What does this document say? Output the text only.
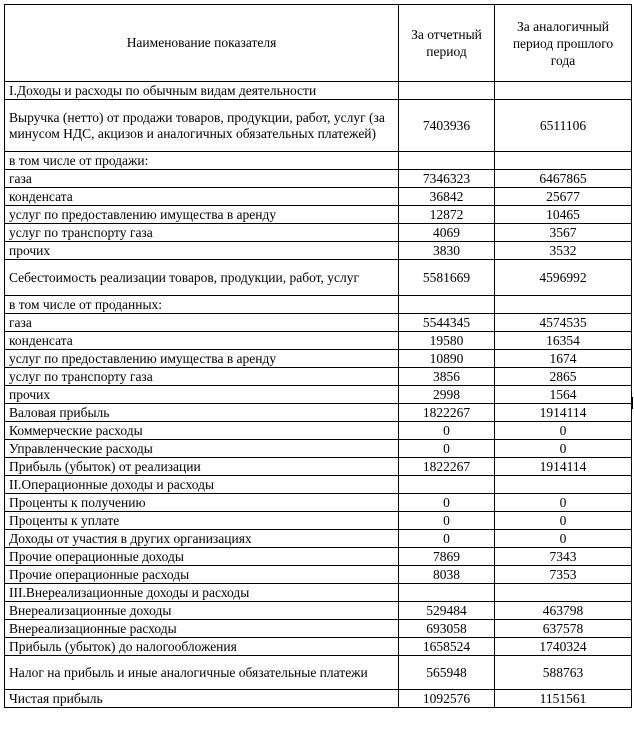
Наименование показателя	За отчетный период	За аналогичный период прошлого года
I.Доходы и расходы по обычным видам деятельности		
Выручка (нетто) от продажи товаров, продукции, работ, услуг (за минусом НДС, акцизов и аналогичных обязательных платежей)	7403936	6511106
в том числе от продажи:		
газа	7346323	6467865
конденсата	36842	25677
услуг по предоставлению имущества в аренду	12872	10465
услуг по транспорту газа	4069	3567
прочих	3830	3532
Себестоимость реализации товаров, продукции, работ, услуг	5581669	4596992
в том числе от проданных:		
газа	5544345	4574535
конденсата	19580	16354
услуг по предоставлению имущества в аренду	10890	1674
услуг по транспорту газа	3856	2865
прочих	2998	1564
Валовая прибыль	1822267	1914114
Коммерческие расходы	0	0
Управленческие расходы	0	0
Прибыль (убыток) от реализации	1822267	1914114
II.Операционные доходы и расходы		
Проценты к получению	0	0
Проценты к уплате	0	0
Доходы от участия в других организациях	0	0
Прочие операционные доходы	7869	7343
Прочие операционные расходы	8038	7353
III.Внереализационные доходы и расходы		
Внереализационные доходы	529484	463798
Внереализационные расходы	693058	637578
Прибыль (убыток) до налогообложения	1658524	1740324
Налог на прибыль и иные аналогичные обязательные платежи	565948	588763
Чистая прибыль	1092576	1151561
